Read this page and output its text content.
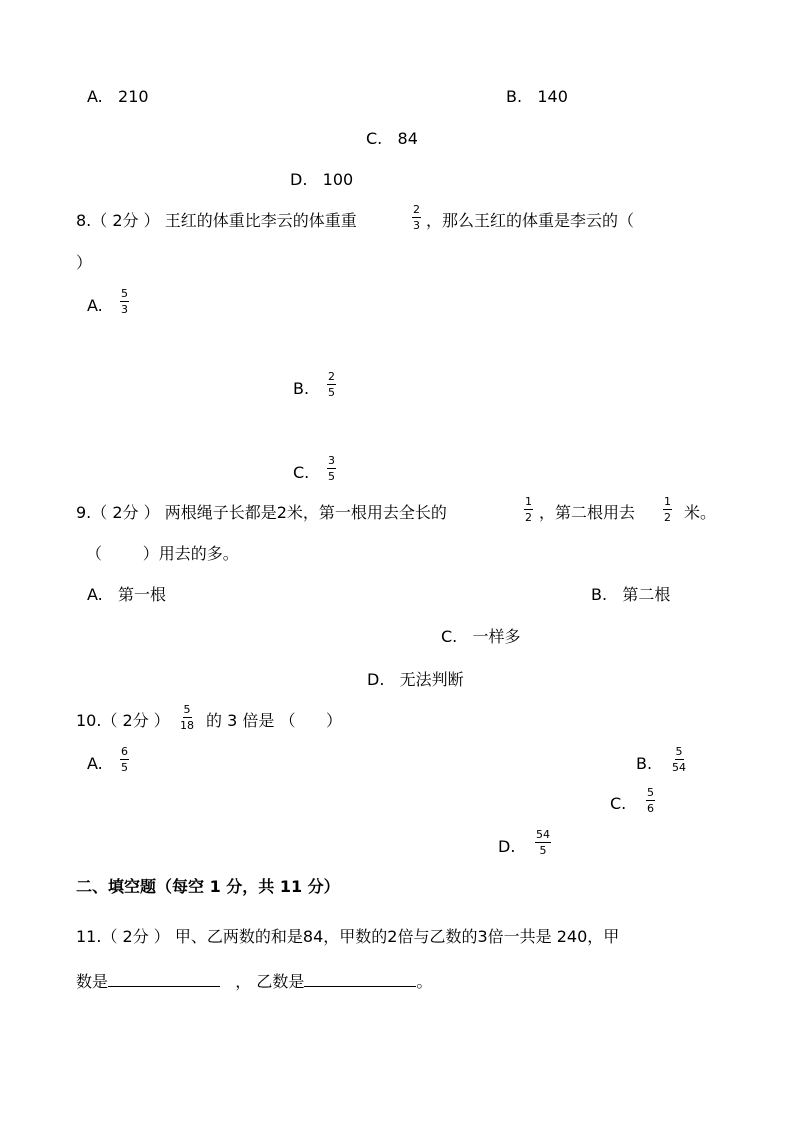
A. 210	B. 140
C. 84
D. 100
8.（ 2分 ） 王红的体重比李云的体重重	$\frac{2}{3}$ ，那么王红的体重是李云的（
）
A. $\frac{5}{3}$
B. $\frac{2}{5}$
C. $\frac{3}{5}$
9.（ 2分 ） 两根绳子长都是2米，第一根用去全长的	$\frac{1}{2}$ ，第二根用去	$\frac{1}{2}$ 米。
（        ）用去的多。
A. 第一根	B. 第二根
C. 一样多
D. 无法判断
10.（ 2分 ） $\frac{5}{18}$ 的 3 倍是 （      ）
A. $\frac{6}{5}$	B. $\frac{5}{54}$
C. $\frac{5}{6}$
D. $\frac{54}{5}$
二、填空题（每空 1 分，共 11 分）
11.（ 2分 ） 甲、乙两数的和是84，甲数的2倍与乙数的3倍一共是 240，甲
数是	， 乙数是	。
